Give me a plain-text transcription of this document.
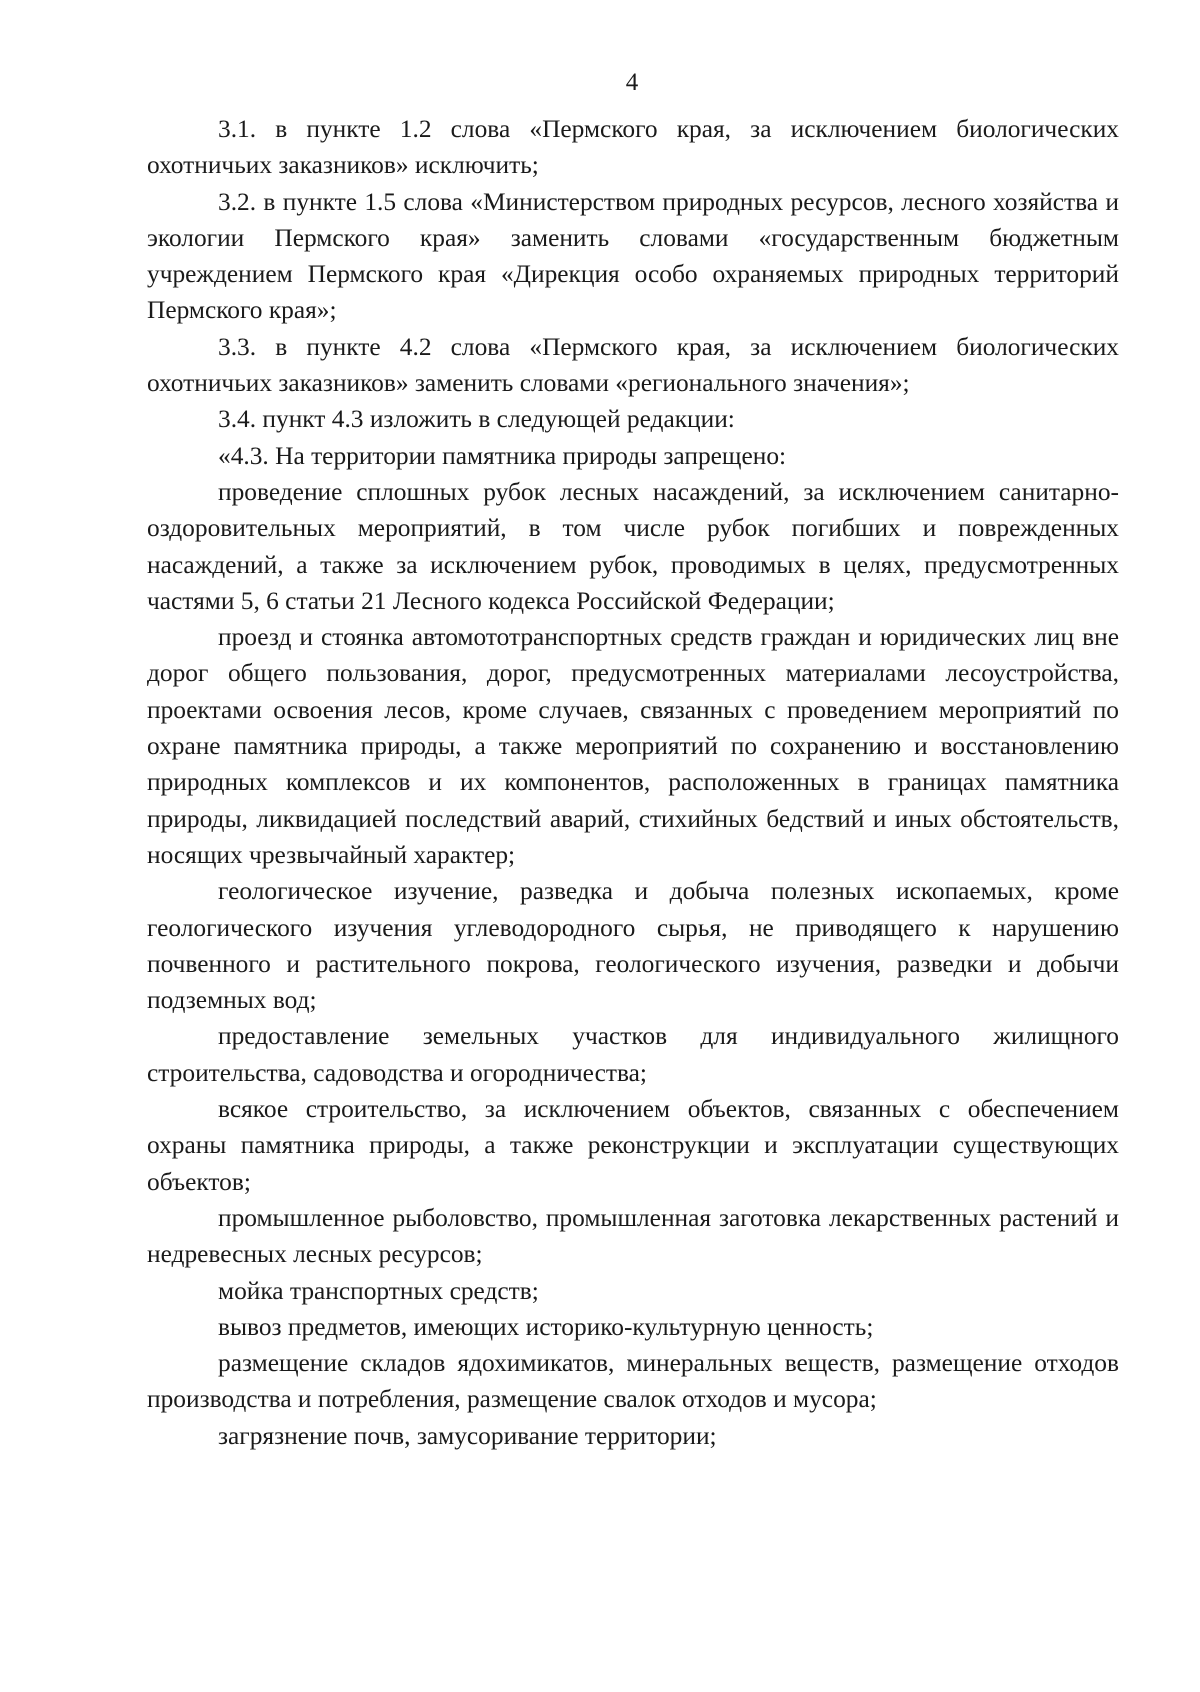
4

3.1. в пункте 1.2 слова «Пермского края, за исключением биологических охотничьих заказников» исключить;

3.2. в пункте 1.5 слова «Министерством природных ресурсов, лесного хозяйства и экологии Пермского края» заменить словами «государственным бюджетным учреждением Пермского края «Дирекция особо охраняемых природных территорий Пермского края»;

3.3. в пункте 4.2 слова «Пермского края, за исключением биологических охотничьих заказников» заменить словами «регионального значения»;

3.4. пункт 4.3 изложить в следующей редакции:

«4.3. На территории памятника природы запрещено:

проведение сплошных рубок лесных насаждений, за исключением санитарно-оздоровительных мероприятий, в том числе рубок погибших и поврежденных насаждений, а также за исключением рубок, проводимых в целях, предусмотренных частями 5, 6 статьи 21 Лесного кодекса Российской Федерации;

проезд и стоянка автомототранспортных средств граждан и юридических лиц вне дорог общего пользования, дорог, предусмотренных материалами лесоустройства, проектами освоения лесов, кроме случаев, связанных с проведением мероприятий по охране памятника природы, а также мероприятий по сохранению и восстановлению природных комплексов и их компонентов, расположенных в границах памятника природы, ликвидацией последствий аварий, стихийных бедствий и иных обстоятельств, носящих чрезвычайный характер;

геологическое изучение, разведка и добыча полезных ископаемых, кроме геологического изучения углеводородного сырья, не приводящего к нарушению почвенного и растительного покрова, геологического изучения, разведки и добычи подземных вод;

предоставление земельных участков для индивидуального жилищного строительства, садоводства и огородничества;

всякое строительство, за исключением объектов, связанных с обеспечением охраны памятника природы, а также реконструкции и эксплуатации существующих объектов;

промышленное рыболовство, промышленная заготовка лекарственных растений и недревесных лесных ресурсов;

мойка транспортных средств;

вывоз предметов, имеющих историко-культурную ценность;

размещение складов ядохимикатов, минеральных веществ, размещение отходов производства и потребления, размещение свалок отходов и мусора;

загрязнение почв, замусоривание территории;
